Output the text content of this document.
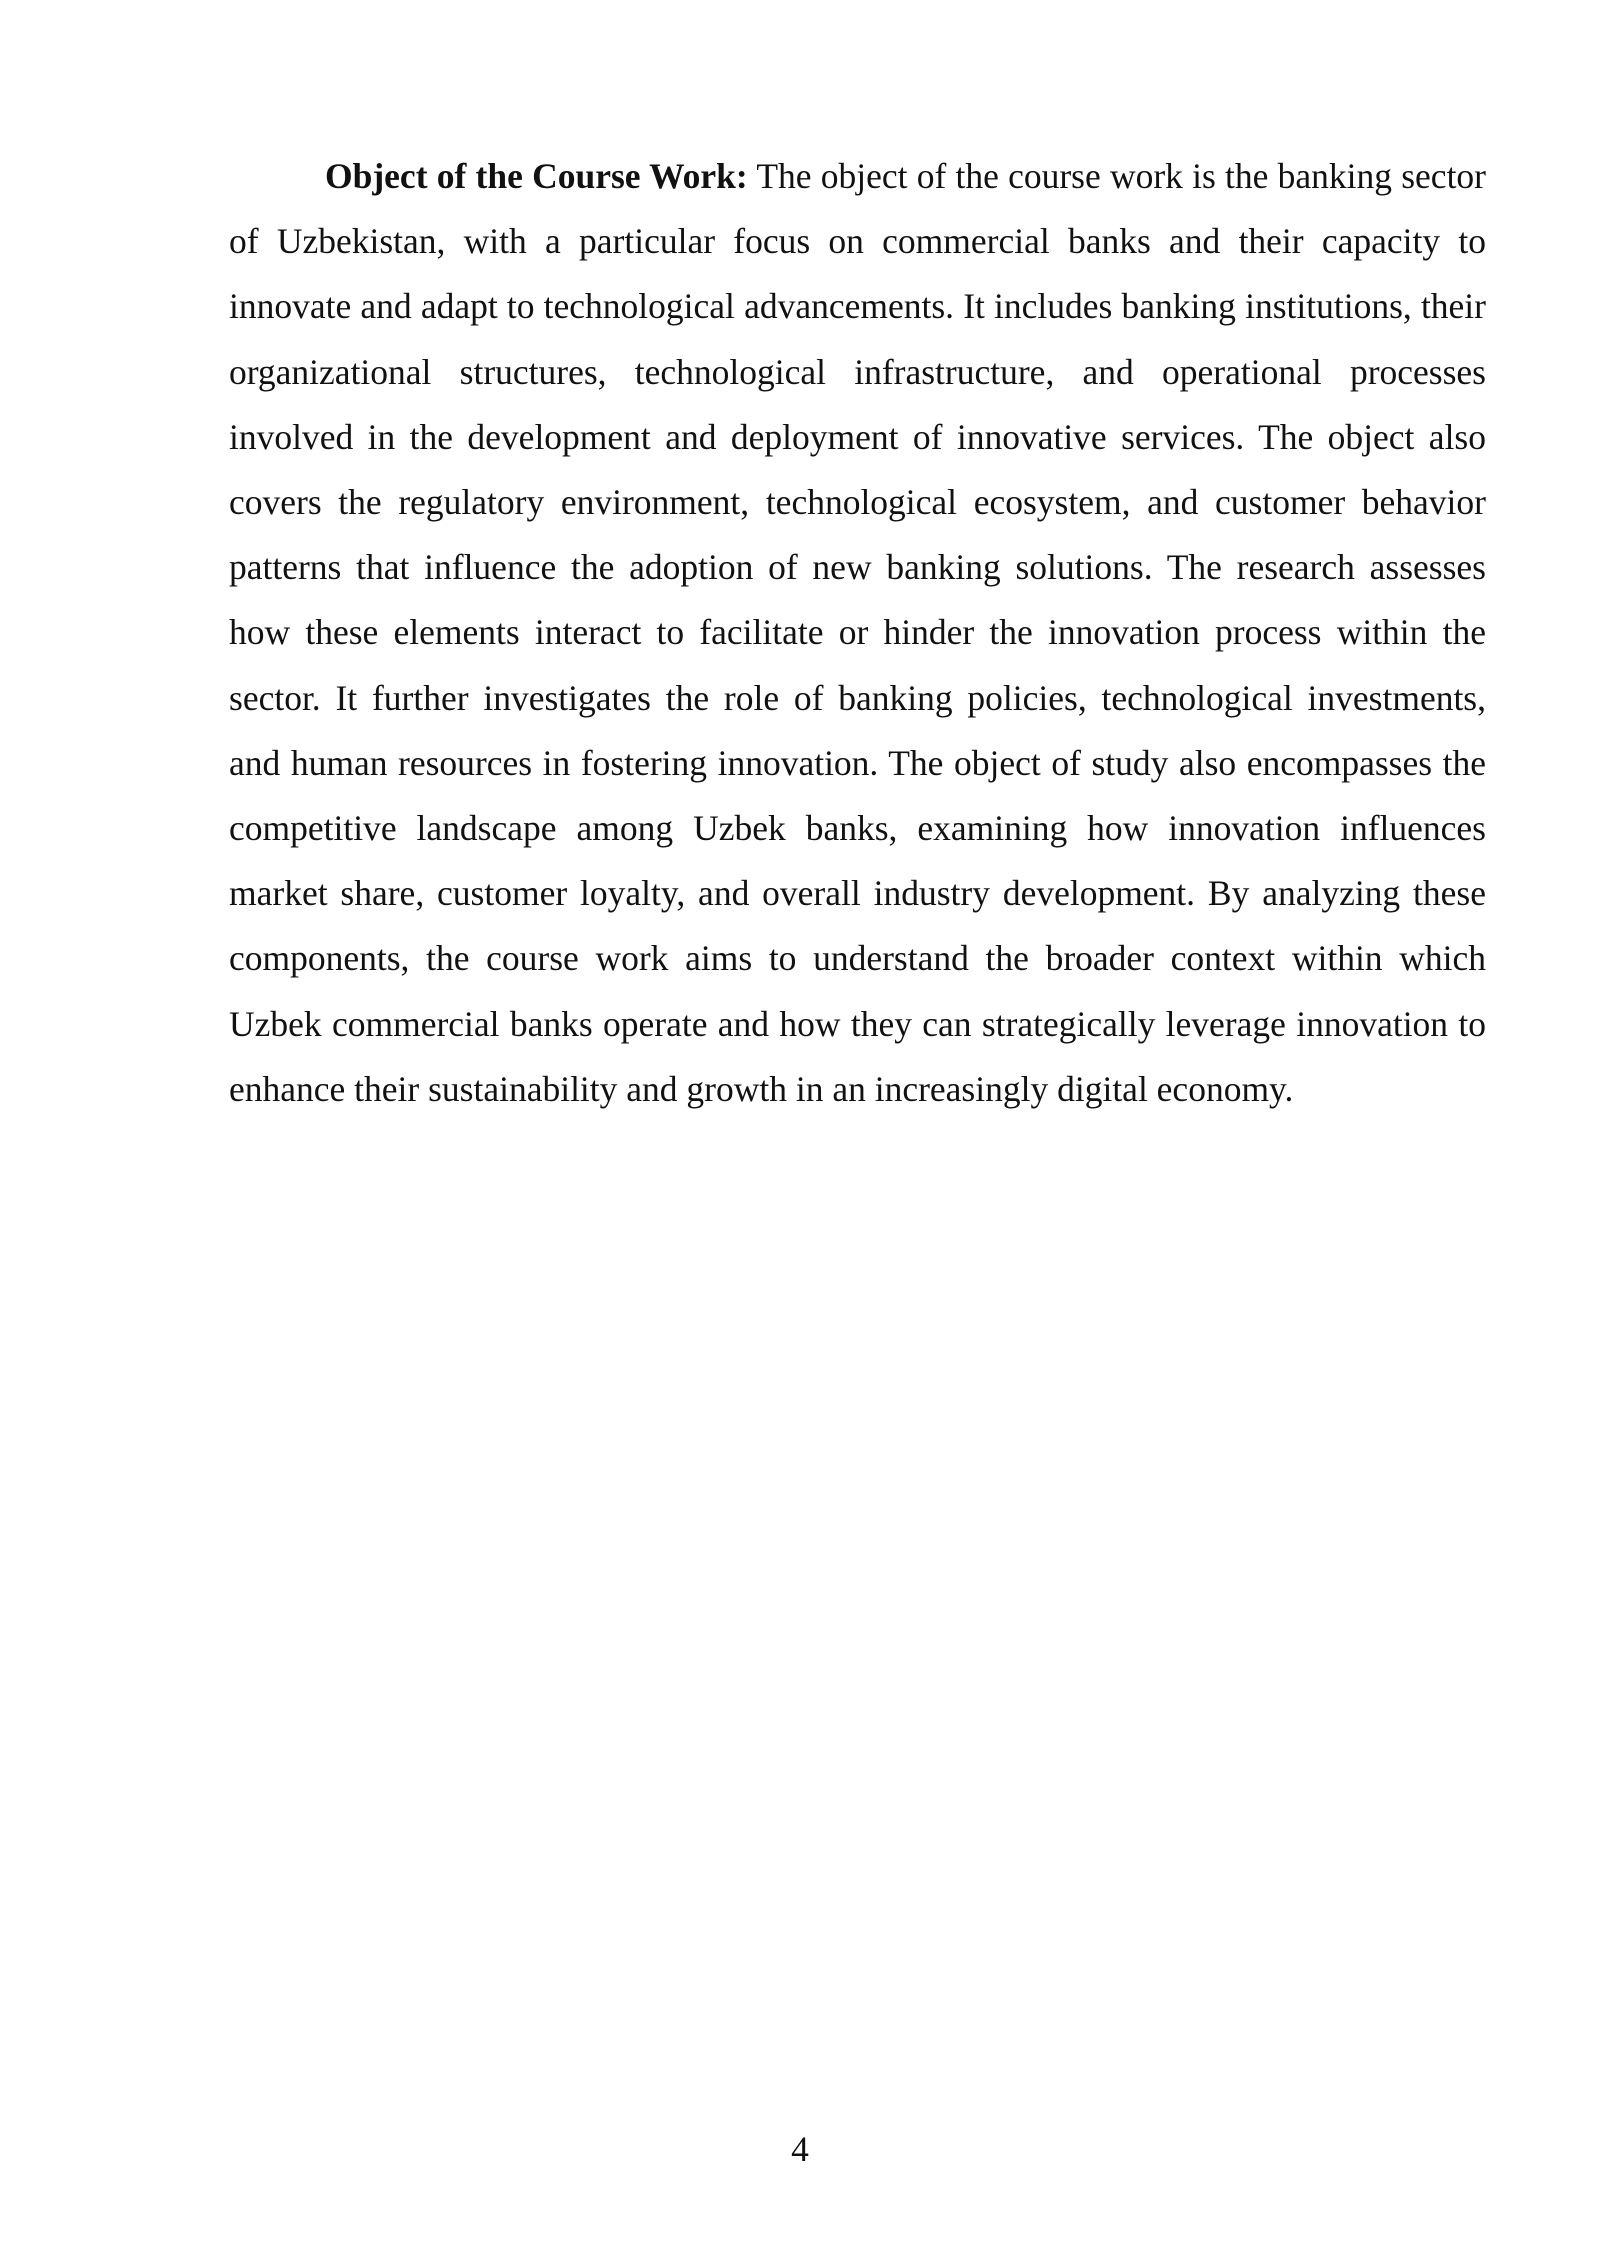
Object of the Course Work: The object of the course work is the banking sector of Uzbekistan, with a particular focus on commercial banks and their capacity to innovate and adapt to technological advancements. It includes banking institutions, their organizational structures, technological infrastructure, and operational processes involved in the development and deployment of innovative services. The object also covers the regulatory environment, technological ecosystem, and customer behavior patterns that influence the adoption of new banking solutions. The research assesses how these elements interact to facilitate or hinder the innovation process within the sector. It further investigates the role of banking policies, technological investments, and human resources in fostering innovation. The object of study also encompasses the competitive landscape among Uzbek banks, examining how innovation influences market share, customer loyalty, and overall industry development. By analyzing these components, the course work aims to understand the broader context within which Uzbek commercial banks operate and how they can strategically leverage innovation to enhance their sustainability and growth in an increasingly digital economy.

4
